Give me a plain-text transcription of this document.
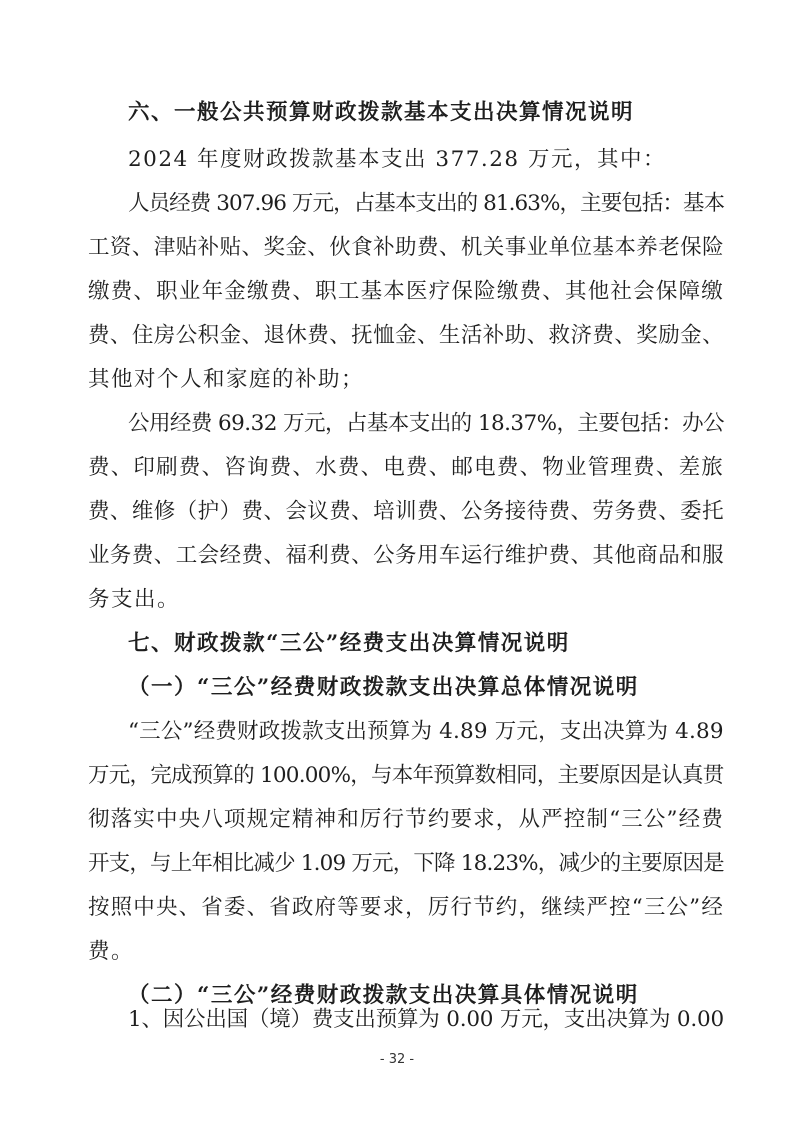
六、一般公共预算财政拨款基本支出决算情况说明
2024 年度财政拨款基本支出 377.28 万元，其中：
人员经费 307.96 万元，占基本支出的 81.63%，主要包括：基本
工资、津贴补贴、奖金、伙食补助费、机关事业单位基本养老保险
缴费、职业年金缴费、职工基本医疗保险缴费、其他社会保障缴
费、住房公积金、退休费、抚恤金、生活补助、救济费、奖励金、
其他对个人和家庭的补助；
公用经费 69.32 万元，占基本支出的 18.37%，主要包括：办公
费、印刷费、咨询费、水费、电费、邮电费、物业管理费、差旅
费、维修（护）费、会议费、培训费、公务接待费、劳务费、委托
业务费、工会经费、福利费、公务用车运行维护费、其他商品和服
务支出。
七、财政拨款“三公”经费支出决算情况说明
（一）“三公”经费财政拨款支出决算总体情况说明
“三公”经费财政拨款支出预算为 4.89 万元，支出决算为 4.89
万元，完成预算的 100.00%，与本年预算数相同，主要原因是认真贯
彻落实中央八项规定精神和厉行节约要求，从严控制“三公”经费
开支，与上年相比减少 1.09 万元，下降 18.23%，减少的主要原因是
按照中央、省委、省政府等要求，厉行节约，继续严控“三公”经
费。
（二）“三公”经费财政拨款支出决算具体情况说明
1、因公出国（境）费支出预算为 0.00 万元，支出决算为 0.00
- 32 -
